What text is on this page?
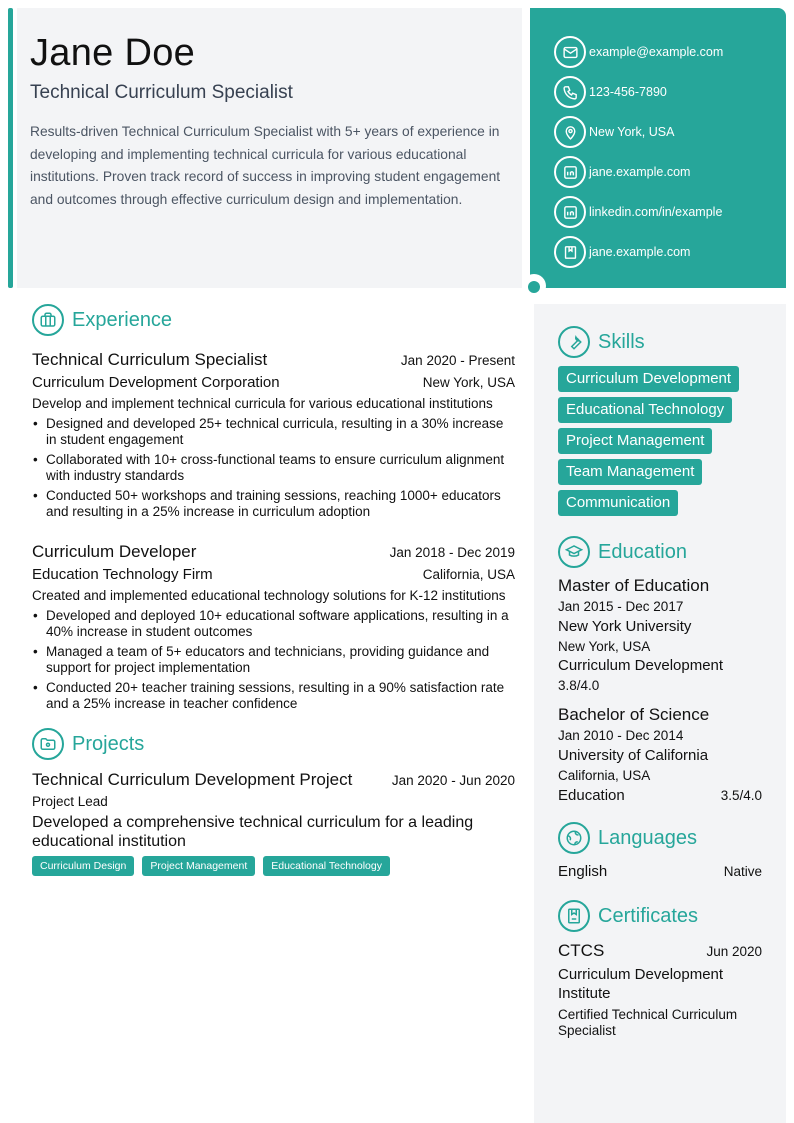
Jane Doe
Technical Curriculum Specialist

Results-driven Technical Curriculum Specialist with 5+ years of experience in developing and implementing technical curricula for various educational institutions. Proven track record of success in improving student engagement and outcomes through effective curriculum design and implementation.

example@example.com
123-456-7890
New York, USA
jane.example.com
linkedin.com/in/example
jane.example.com
Experience
Technical Curriculum Specialist	Jan 2020 - Present
Curriculum Development Corporation	New York, USA

Develop and implement technical curricula for various educational institutions

• Designed and developed 25+ technical curricula, resulting in a 30% increase in student engagement
• Collaborated with 10+ cross-functional teams to ensure curriculum alignment with industry standards
• Conducted 50+ workshops and training sessions, reaching 1000+ educators and resulting in a 25% increase in curriculum adoption
Curriculum Developer	Jan 2018 - Dec 2019
Education Technology Firm	California, USA

Created and implemented educational technology solutions for K-12 institutions

• Developed and deployed 10+ educational software applications, resulting in a 40% increase in student outcomes
• Managed a team of 5+ educators and technicians, providing guidance and support for project implementation
• Conducted 20+ teacher training sessions, resulting in a 90% satisfaction rate and a 25% increase in teacher confidence
Projects
Technical Curriculum Development Project	Jan 2020 - Jun 2020
Project Lead

Developed a comprehensive technical curriculum for a leading educational institution

Curriculum Design	Project Management	Educational Technology
Skills
Curriculum Development
Educational Technology
Project Management
Team Management
Communication
Education
Master of Education
Jan 2015 - Dec 2017
New York University
New York, USA
Curriculum Development
3.8/4.0
Bachelor of Science
Jan 2010 - Dec 2014
University of California
California, USA
Education	3.5/4.0
Languages
English	Native
Certificates
CTCS	Jun 2020
Curriculum Development Institute
Certified Technical Curriculum Specialist
